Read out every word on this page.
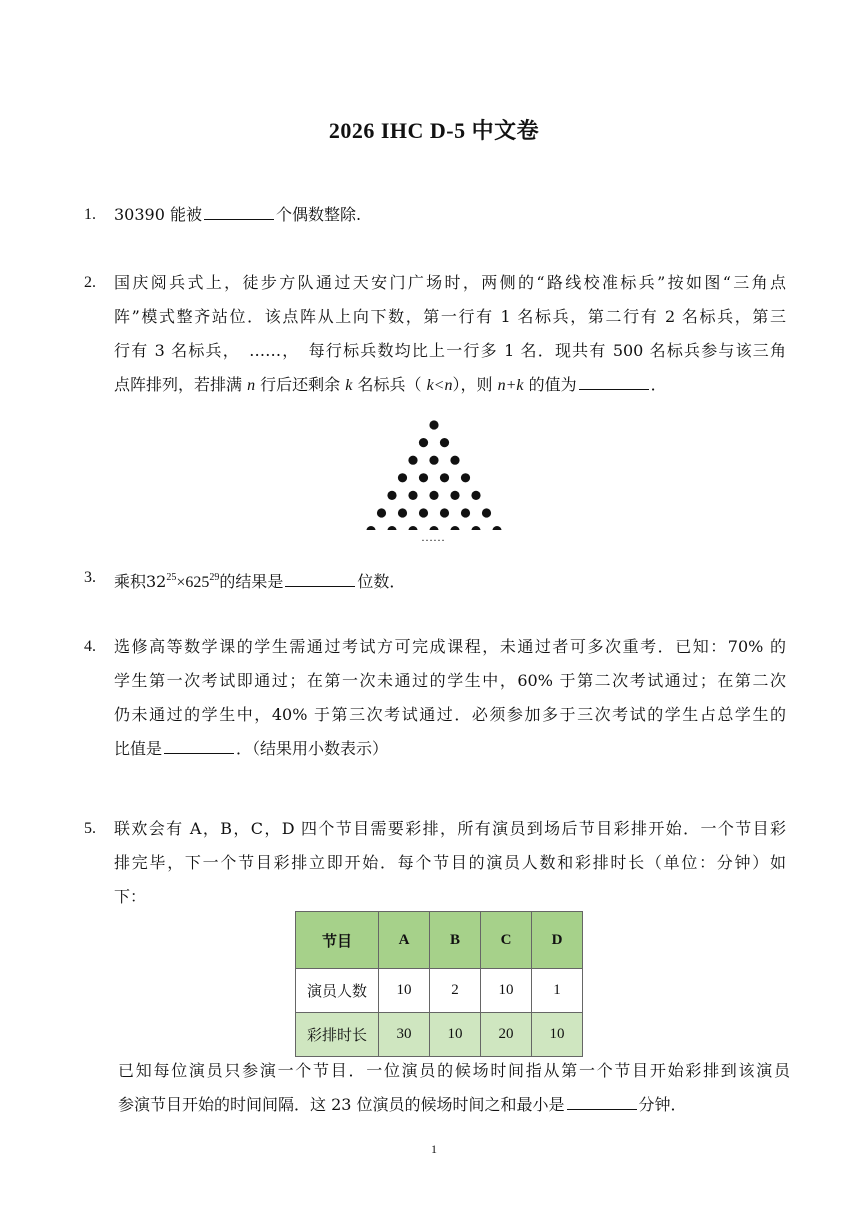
2026 IHC D-5 中文卷
1. 30390 能被	个偶数整除.
2. 国庆阅兵式上，徒步方队通过天安门广场时，两侧的“路线校准标兵”按如图“三角点
阵”模式整齐站位．该点阵从上向下数，第一行有 1 名标兵，第二行有 2 名标兵，第三
行有 3 名标兵，　……，　每行标兵数均比上一行多 1 名．现共有 500 名标兵参与该三角
点阵排列，若排满 n 行后还剩余 k 名标兵（ k<n），则 n+k 的值为	．
……
3. 乘积$32^{25}\times 625^{29}$的结果是	位数．
4. 选修高等数学课的学生需通过考试方可完成课程，未通过者可多次重考．已知：70% 的
学生第一次考试即通过；在第一次未通过的学生中，60% 于第二次考试通过；在第二次
仍未通过的学生中，40% 于第三次考试通过．必须参加多于三次考试的学生占总学生的
比值是	．（结果用小数表示）
5. 联欢会有 A，B，C，D 四个节目需要彩排，所有演员到场后节目彩排开始．一个节目彩
排完毕，下一个节目彩排立即开始．每个节目的演员人数和彩排时长（单位：分钟）如
下：
节目	A	B	C	D
演员人数	10	2	10	1
彩排时长	30	10	20	10
已知每位演员只参演一个节目．一位演员的候场时间指从第一个节目开始彩排到该演员
参演节目开始的时间间隔．这 23 位演员的候场时间之和最小是	分钟．
1
